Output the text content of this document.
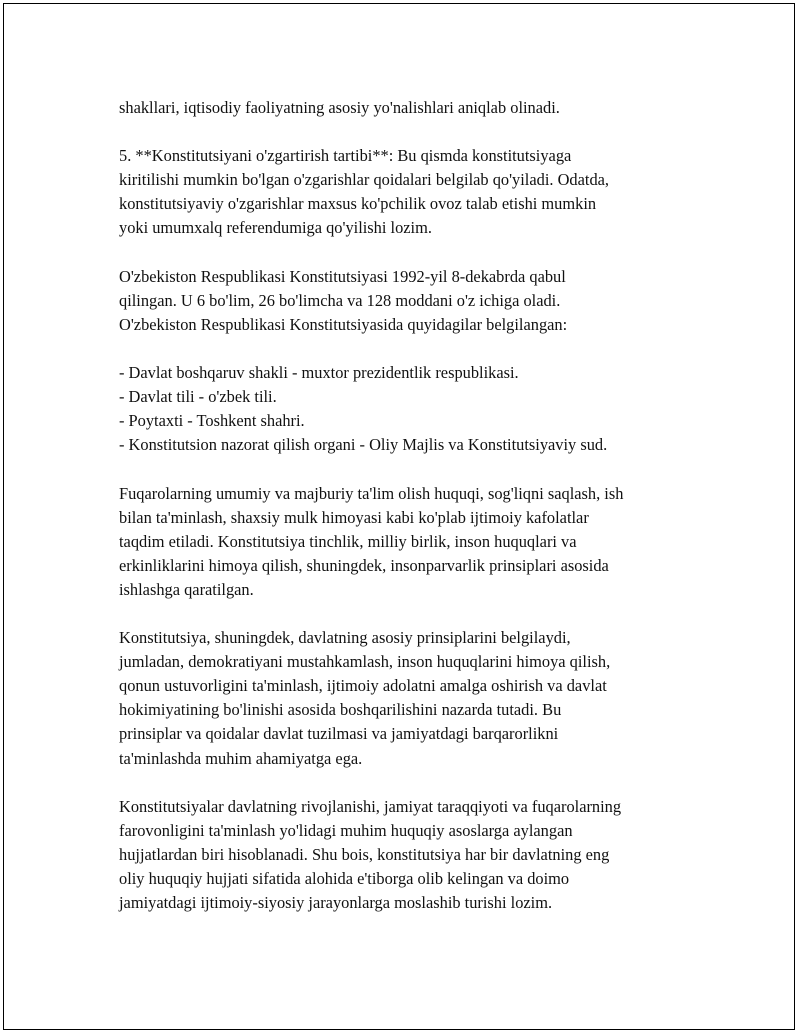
shakllari, iqtisodiy faoliyatning asosiy yo'nalishlari aniqlab olinadi.

5. **Konstitutsiyani o'zgartirish tartibi**: Bu qismda konstitutsiyaga
kiritilishi mumkin bo'lgan o'zgarishlar qoidalari belgilab qo'yiladi. Odatda,
konstitutsiyaviy o'zgarishlar maxsus ko'pchilik ovoz talab etishi mumkin
yoki umumxalq referendumiga qo'yilishi lozim.

O'zbekiston Respublikasi Konstitutsiyasi 1992-yil 8-dekabrda qabul
qilingan. U 6 bo'lim, 26 bo'limcha va 128 moddani o'z ichiga oladi.
O'zbekiston Respublikasi Konstitutsiyasida quyidagilar belgilangan:

- Davlat boshqaruv shakli - muxtor prezidentlik respublikasi.
- Davlat tili - o'zbek tili.
- Poytaxti - Toshkent shahri.
- Konstitutsion nazorat qilish organi - Oliy Majlis va Konstitutsiyaviy sud.

Fuqarolarning umumiy va majburiy ta'lim olish huquqi, sog'liqni saqlash, ish
bilan ta'minlash, shaxsiy mulk himoyasi kabi ko'plab ijtimoiy kafolatlar
taqdim etiladi. Konstitutsiya tinchlik, milliy birlik, inson huquqlari va
erkinliklarini himoya qilish, shuningdek, insonparvarlik prinsiplari asosida
ishlashga qaratilgan.

Konstitutsiya, shuningdek, davlatning asosiy prinsiplarini belgilaydi,
jumladan, demokratiyani mustahkamlash, inson huquqlarini himoya qilish,
qonun ustuvorligini ta'minlash, ijtimoiy adolatni amalga oshirish va davlat
hokimiyatining bo'linishi asosida boshqarilishini nazarda tutadi. Bu
prinsiplar va qoidalar davlat tuzilmasi va jamiyatdagi barqarorlikni
ta'minlashda muhim ahamiyatga ega.

Konstitutsiyalar davlatning rivojlanishi, jamiyat taraqqiyoti va fuqarolarning
farovonligini ta'minlash yo'lidagi muhim huquqiy asoslarga aylangan
hujjatlardan biri hisoblanadi. Shu bois, konstitutsiya har bir davlatning eng
oliy huquqiy hujjati sifatida alohida e'tiborga olib kelingan va doimo
jamiyatdagi ijtimoiy-siyosiy jarayonlarga moslashib turishi lozim.
